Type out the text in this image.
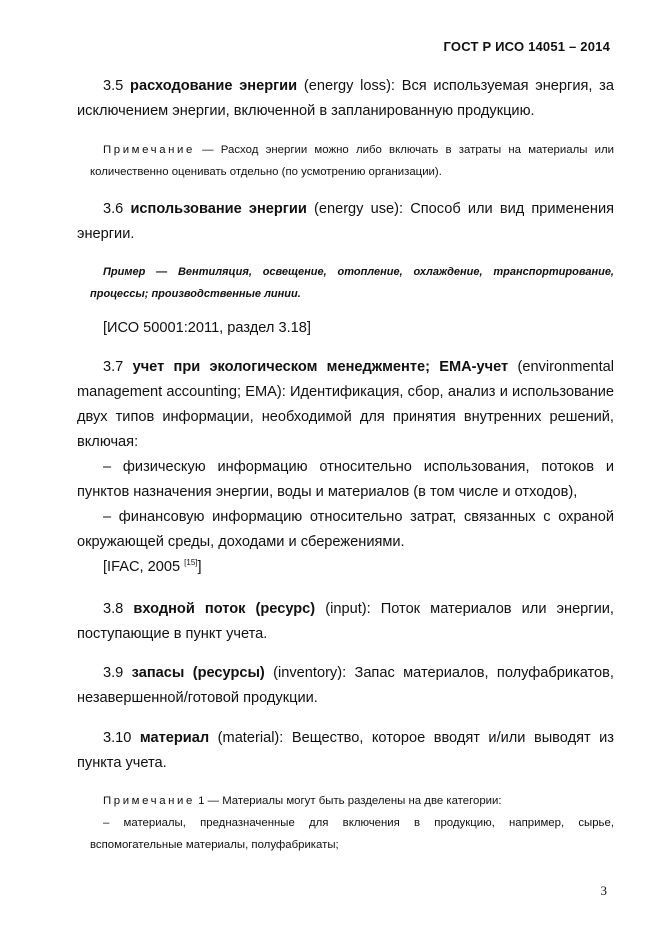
ГОСТ Р ИСО 14051 – 2014
3.5 расходование энергии (energy loss): Вся используемая энергия, за
исключением энергии, включенной в запланированную продукцию.
Примечание — Расход энергии можно либо включать в затраты на материалы или
количественно оценивать отдельно (по усмотрению организации).
3.6 использование энергии (energy use): Способ или вид применения
энергии.
Пример — Вентиляция, освещение, отопление, охлаждение, транспортирование,
процессы; производственные линии.
[ИСО 50001:2011, раздел 3.18]
3.7 учет при экологическом менеджменте; ЕМА-учет (environmental
management accounting; EMA): Идентификация, сбор, анализ и использование
двух типов информации, необходимой для принятия внутренних решений,
включая:
– физическую информацию относительно использования, потоков и
пунктов назначения энергии, воды и материалов (в том числе и отходов),
– финансовую информацию относительно затрат, связанных с охраной
окружающей среды, доходами и сбережениями.
[IFAC, 2005 [15]]
3.8 входной поток (ресурс) (input): Поток материалов или энергии,
поступающие в пункт учета.
3.9 запасы (ресурсы) (inventory): Запас материалов, полуфабрикатов,
незавершенной/готовой продукции.
3.10 материал (material): Вещество, которое вводят и/или выводят из
пункта учета.
Примечание 1 — Материалы могут быть разделены на две категории:
– материалы, предназначенные для включения в продукцию, например, сырье,
вспомогательные материалы, полуфабрикаты;
3
